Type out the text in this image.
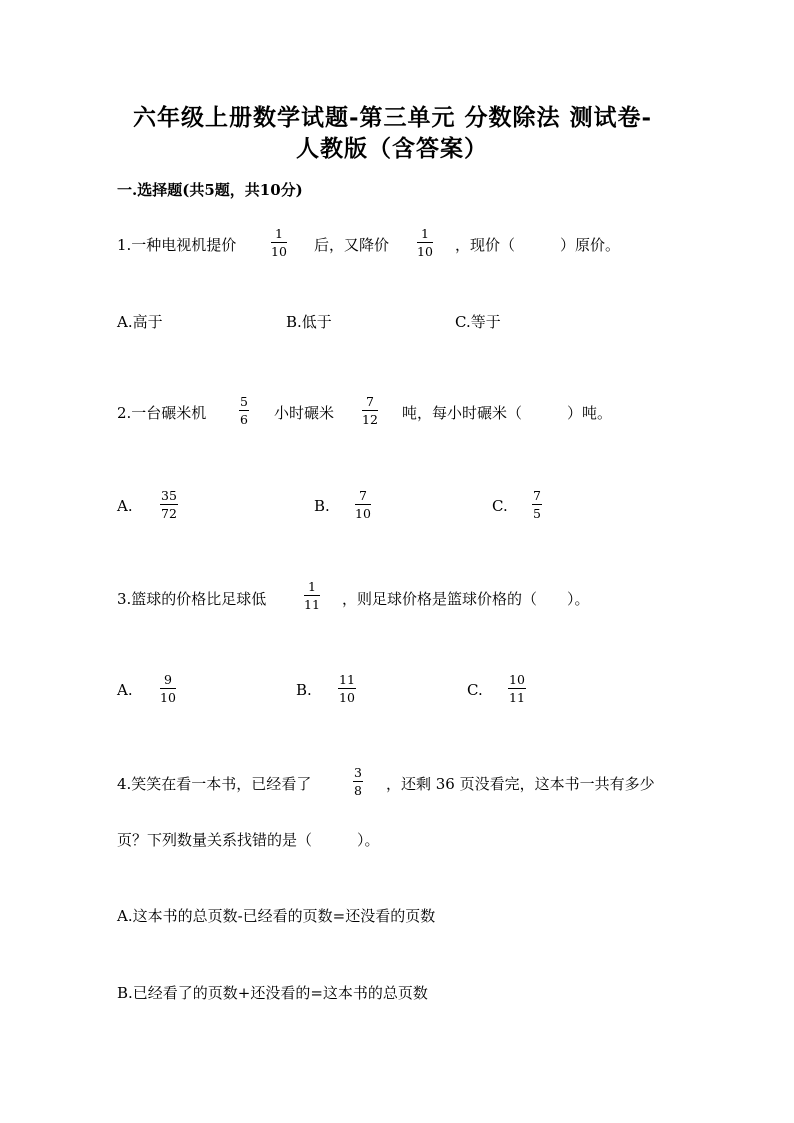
六年级上册数学试题-第三单元 分数除法 测试卷-
人教版（含答案）
一.选择题(共5题，共10分)
1.一种电视机提价
1
10 后，又降价
1
10 ，现价（　　　）原价。
A.高于	B.低于	C.等于
2.一台碾米机
5
6 小时碾米
7
12 吨，每小时碾米（　　　）吨。
A.
35
72	B.
7
10	C.
7
5
3.篮球的价格比足球低
1
11 ，则足球价格是篮球价格的（　　）。
A.
9
10	B.
11
10	C.
10
11
4.笑笑在看一本书，已经看了
3
8 ，还剩 36 页没看完，这本书一共有多少
页？下列数量关系找错的是（　　　）。
A.这本书的总页数-已经看的页数=还没看的页数
B.已经看了的页数+还没看的=这本书的总页数
